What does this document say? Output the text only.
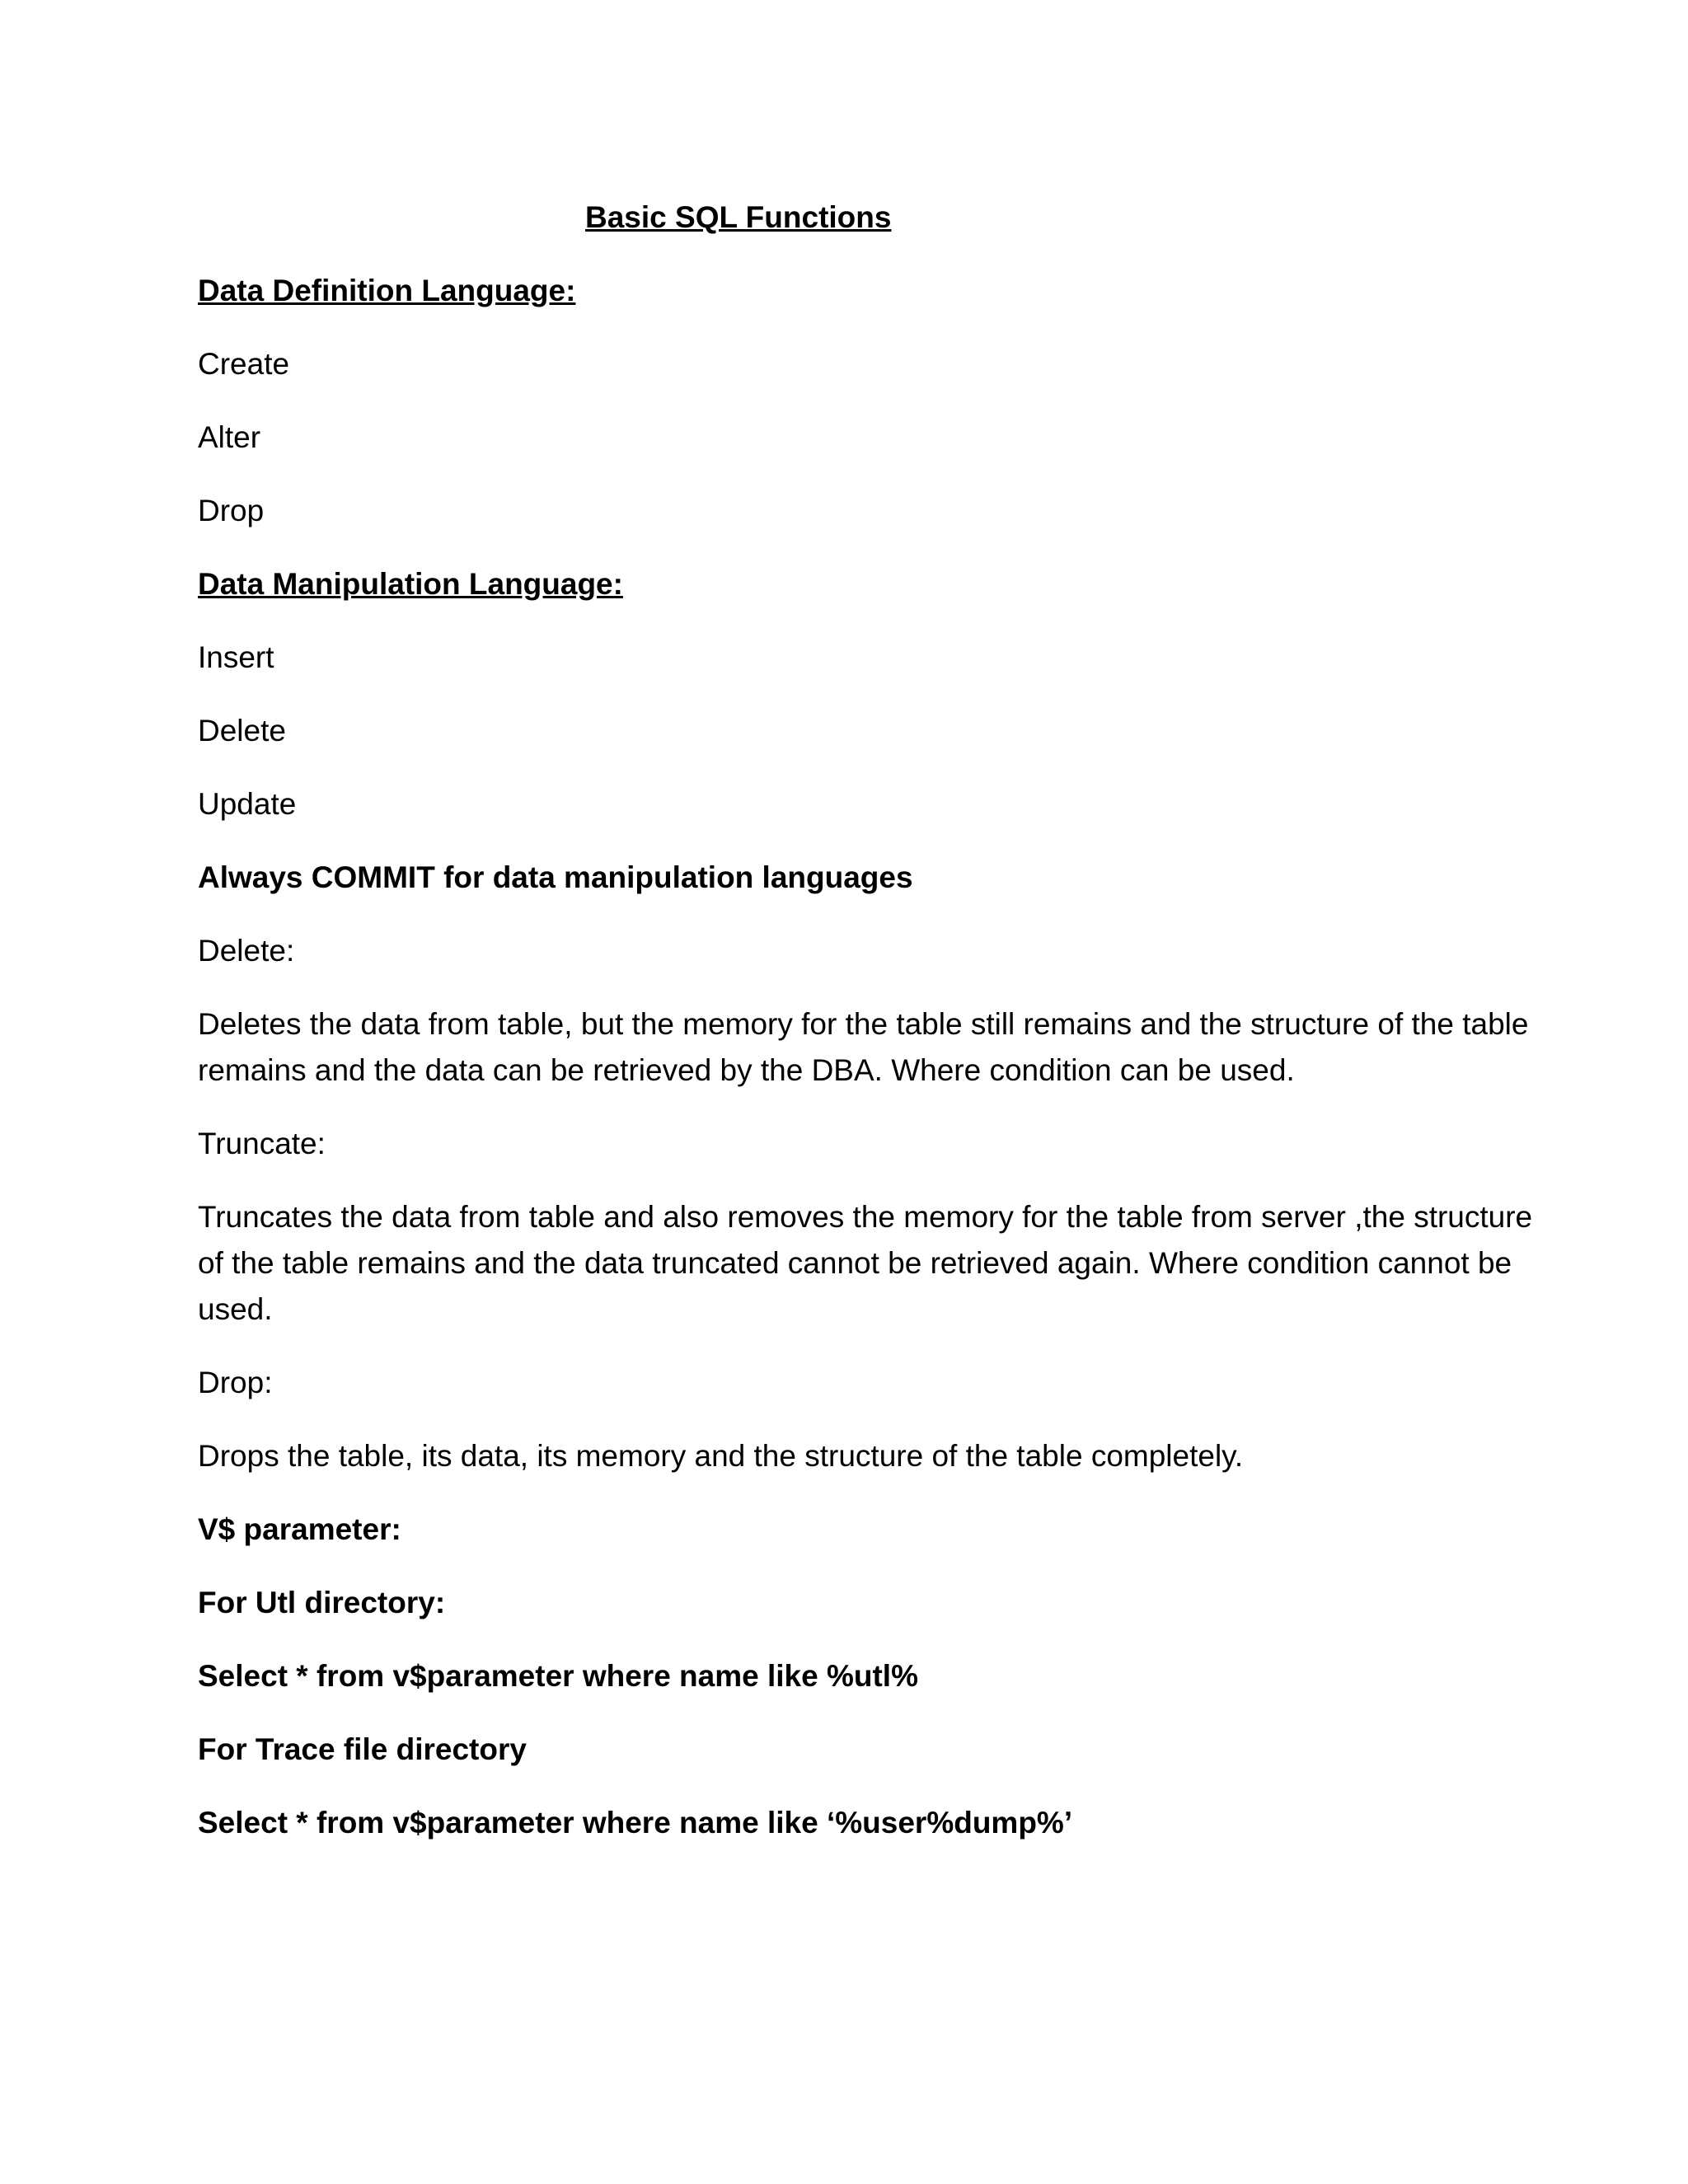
Basic SQL Functions
Data Definition Language:
Create
Alter
Drop
Data Manipulation Language:
Insert
Delete
Update
Always COMMIT for data manipulation languages
Delete:
Deletes the data from table, but the memory for the table still remains and the structure of the table remains and the data can be retrieved by the DBA. Where condition can be used.
Truncate:
Truncates the data from table and also removes the memory for the table from server ,the structure of the table remains and the data truncated cannot be retrieved again. Where condition cannot be used.
Drop:
Drops the table, its data, its memory and the structure of the table completely.
V$ parameter:
For Utl directory:
Select * from v$parameter where name like %utl%
For Trace file directory
Select * from v$parameter where name like ‘%user%dump%’
